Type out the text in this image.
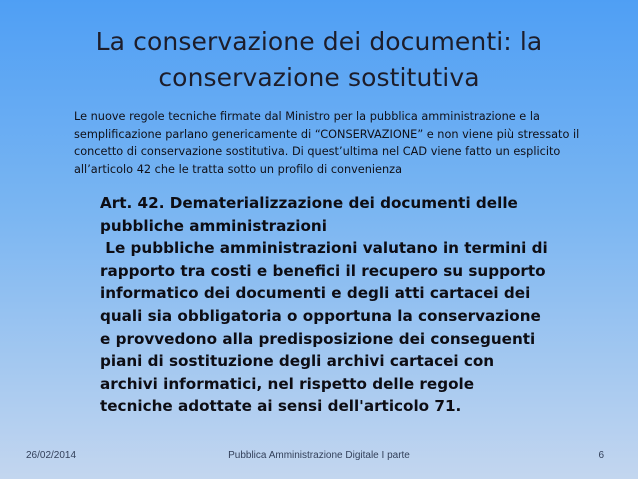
La conservazione dei documenti: la
conservazione sostitutiva
Le nuove regole tecniche firmate dal Ministro per la pubblica amministrazione e la semplificazione parlano genericamente di “CONSERVAZIONE” e non viene più stressato il concetto di conservazione sostitutiva. Di quest’ultima nel CAD viene fatto un esplicito all’articolo 42 che le tratta sotto un profilo di convenienza
Art. 42. Dematerializzazione dei documenti delle pubbliche amministrazioni
Le pubbliche amministrazioni valutano in termini di rapporto tra costi e benefici il recupero su supporto informatico dei documenti e degli atti cartacei dei quali sia obbligatoria o opportuna la conservazione e provvedono alla predisposizione dei conseguenti piani di sostituzione degli archivi cartacei con archivi informatici, nel rispetto delle regole tecniche adottate ai sensi dell'articolo 71.
26/02/2014	Pubblica Amministrazione Digitale I parte	6
